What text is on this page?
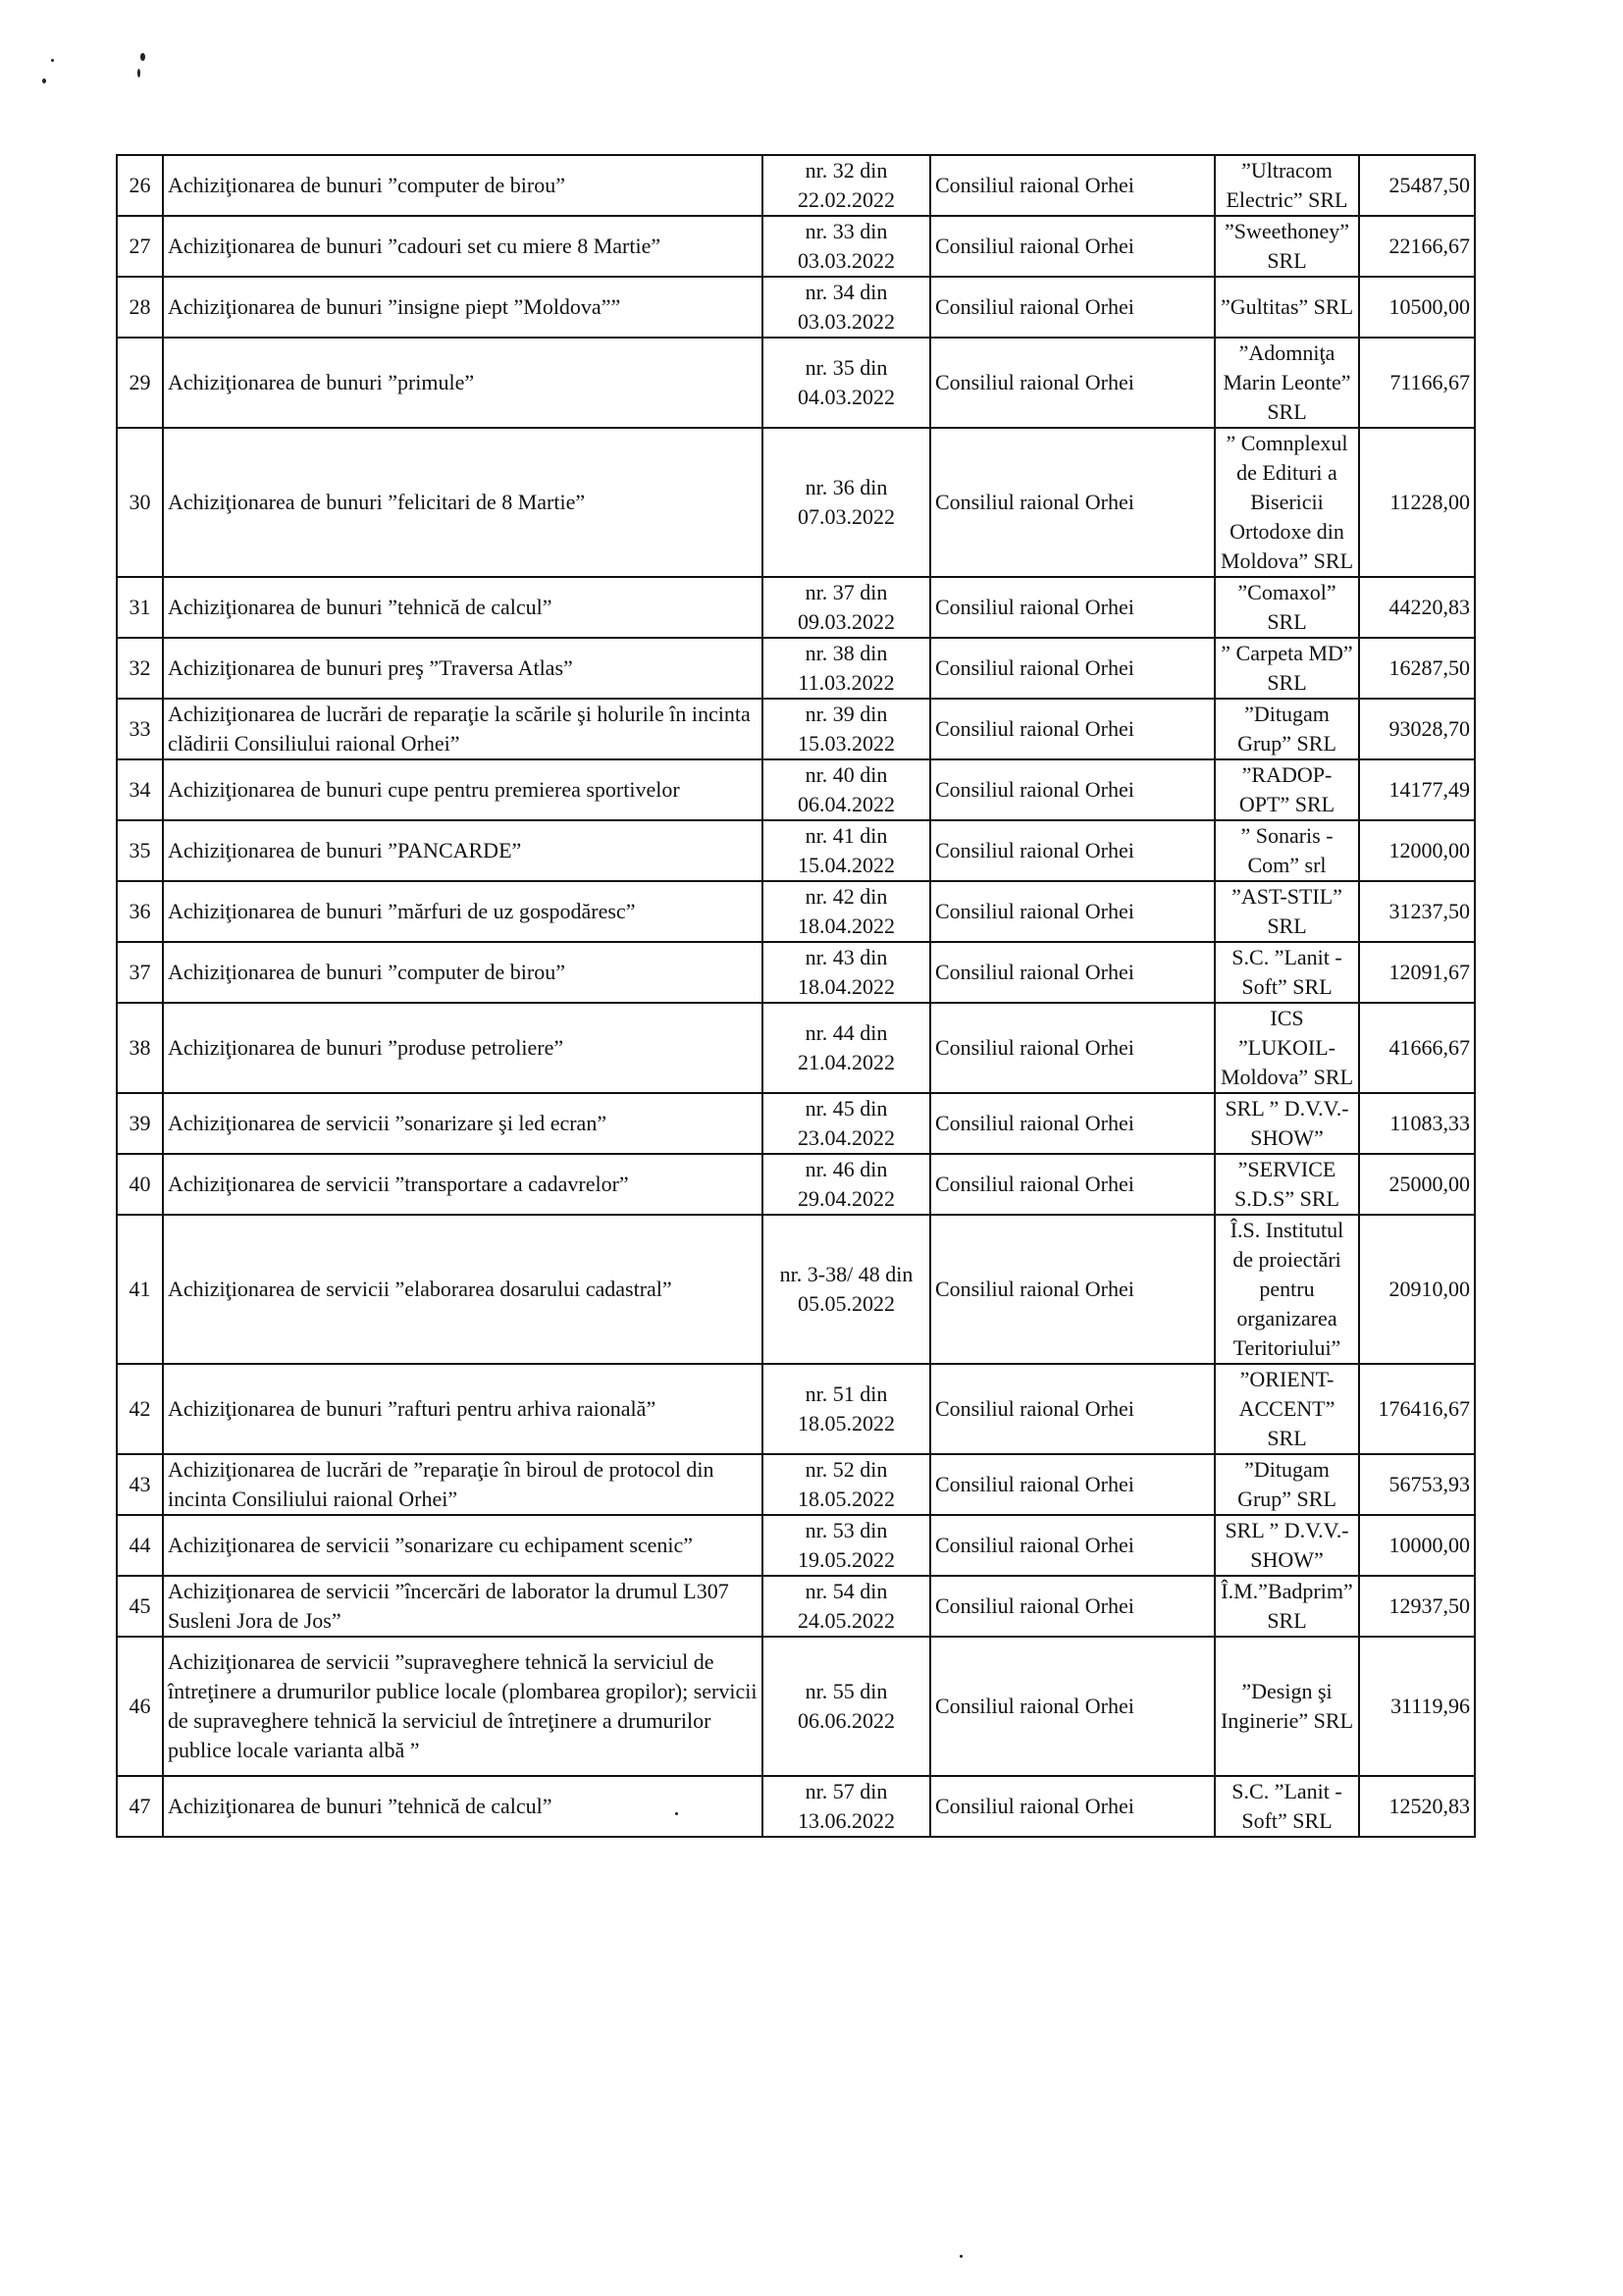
26	Achiziţionarea de bunuri ”computer de birou”	nr. 32 din 22.02.2022	Consiliul raional Orhei	”Ultracom Electric” SRL	25487,50
27	Achiziţionarea de bunuri ”cadouri set cu miere 8 Martie”	nr. 33 din 03.03.2022	Consiliul raional Orhei	”Sweethoney” SRL	22166,67
28	Achiziţionarea de bunuri ”insigne piept ”Moldova””	nr. 34 din 03.03.2022	Consiliul raional Orhei	”Gultitas” SRL	10500,00
29	Achiziţionarea de bunuri ”primule”	nr. 35 din 04.03.2022	Consiliul raional Orhei	”Adomniţa Marin Leonte” SRL	71166,67
30	Achiziţionarea de bunuri ”felicitari de 8 Martie”	nr. 36 din 07.03.2022	Consiliul raional Orhei	” Comnplexul de Edituri a Bisericii Ortodoxe din Moldova” SRL	11228,00
31	Achiziţionarea de bunuri ”tehnică de calcul”	nr. 37 din 09.03.2022	Consiliul raional Orhei	”Comaxol” SRL	44220,83
32	Achiziţionarea de bunuri preş ”Traversa Atlas”	nr. 38 din 11.03.2022	Consiliul raional Orhei	” Carpeta MD” SRL	16287,50
33	Achiziţionarea de lucrări de reparaţie la scările şi holurile în incinta clădirii Consiliului raional Orhei”	nr. 39 din 15.03.2022	Consiliul raional Orhei	”Ditugam Grup” SRL	93028,70
34	Achiziţionarea de bunuri cupe pentru premierea sportivelor	nr. 40 din 06.04.2022	Consiliul raional Orhei	”RADOP-OPT” SRL	14177,49
35	Achiziţionarea de bunuri ”PANCARDE”	nr. 41 din 15.04.2022	Consiliul raional Orhei	” Sonaris - Com” srl	12000,00
36	Achiziţionarea de bunuri ”mărfuri de uz gospodăresc”	nr. 42 din 18.04.2022	Consiliul raional Orhei	”AST-STIL” SRL	31237,50
37	Achiziţionarea de bunuri ”computer de birou”	nr. 43 din 18.04.2022	Consiliul raional Orhei	S.C. ”Lanit -Soft” SRL	12091,67
38	Achiziţionarea de bunuri ”produse petroliere”	nr. 44 din 21.04.2022	Consiliul raional Orhei	ICS ”LUKOIL-Moldova” SRL	41666,67
39	Achiziţionarea de servicii ”sonarizare şi led ecran”	nr. 45 din 23.04.2022	Consiliul raional Orhei	SRL ” D.V.V.-SHOW”	11083,33
40	Achiziţionarea de servicii ”transportare a cadavrelor”	nr. 46 din 29.04.2022	Consiliul raional Orhei	”SERVICE S.D.S” SRL	25000,00
41	Achiziţionarea de servicii ”elaborarea dosarului cadastral”	nr. 3-38/ 48 din 05.05.2022	Consiliul raional Orhei	Î.S. Institutul de proiectări pentru organizarea Teritoriului”	20910,00
42	Achiziţionarea de bunuri ”rafturi pentru arhiva raională”	nr. 51 din 18.05.2022	Consiliul raional Orhei	”ORIENT-ACCENT” SRL	176416,67
43	Achiziţionarea de lucrări de ”reparaţie în biroul de protocol din incinta Consiliului raional Orhei”	nr. 52 din 18.05.2022	Consiliul raional Orhei	”Ditugam Grup” SRL	56753,93
44	Achiziţionarea de servicii ”sonarizare cu echipament scenic”	nr. 53 din 19.05.2022	Consiliul raional Orhei	SRL ” D.V.V.-SHOW”	10000,00
45	Achiziţionarea de servicii ”încercări de laborator la drumul L307 Susleni Jora de Jos”	nr. 54 din 24.05.2022	Consiliul raional Orhei	Î.M.”Badprim” SRL	12937,50
46	Achiziţionarea de servicii ”supraveghere tehnică la serviciul de întreţinere a drumurilor publice locale (plombarea gropilor); servicii de supraveghere tehnică la serviciul de întreţinere a drumurilor publice locale varianta albă ”	nr. 55 din 06.06.2022	Consiliul raional Orhei	”Design şi Inginerie” SRL	31119,96
47	Achiziţionarea de bunuri ”tehnică de calcul”	nr. 57 din 13.06.2022	Consiliul raional Orhei	S.C. ”Lanit -Soft” SRL	12520,83
